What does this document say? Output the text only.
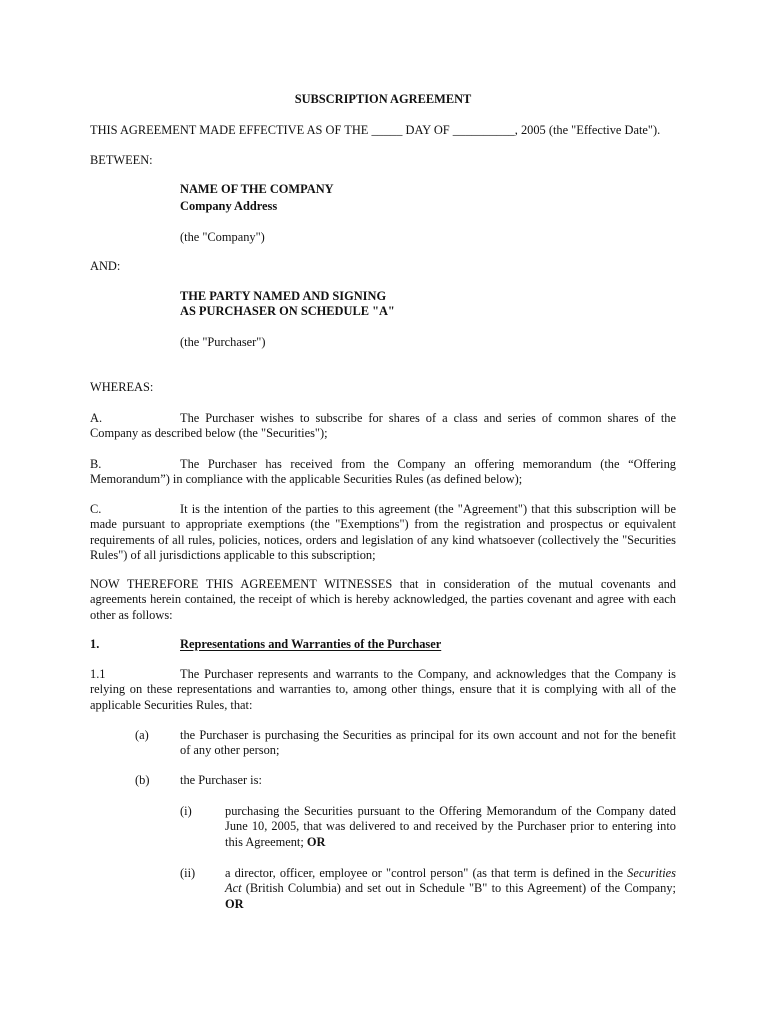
SUBSCRIPTION AGREEMENT
THIS AGREEMENT MADE EFFECTIVE AS OF THE _____ DAY OF __________, 2005 (the "Effective Date").
BETWEEN:
NAME OF THE COMPANY
Company Address
(the "Company")
AND:
THE PARTY NAMED AND SIGNING
AS PURCHASER ON SCHEDULE "A"
(the "Purchaser")
WHEREAS:
A.	The Purchaser wishes to subscribe for shares of a class and series of common shares of the
Company as described below (the "Securities");
B.	The Purchaser has received from the Company an offering memorandum (the “Offering
Memorandum”) in compliance with the applicable Securities Rules (as defined below);
C.	It is the intention of the parties to this agreement (the "Agreement") that this subscription will be
made pursuant to appropriate exemptions (the "Exemptions") from the registration and prospectus or equivalent
requirements of all rules, policies, notices, orders and legislation of any kind whatsoever (collectively the "Securities
Rules") of all jurisdictions applicable to this subscription;
NOW THEREFORE THIS AGREEMENT WITNESSES that in consideration of the mutual covenants and
agreements herein contained, the receipt of which is hereby acknowledged, the parties covenant and agree with each
other as follows:
1.	Representations and Warranties of the Purchaser
1.1	The Purchaser represents and warrants to the Company, and acknowledges that the Company is
relying on these representations and warranties to, among other things, ensure that it is complying with all of the
applicable Securities Rules, that:
(a)	the Purchaser is purchasing the Securities as principal for its own account and not for the benefit
of any other person;
(b) the Purchaser is:
(i)	purchasing the Securities pursuant to the Offering Memorandum of the Company dated
June 10, 2005, that was delivered to and received by the Purchaser prior to entering into
this Agreement; OR
(ii) a director, officer, employee or "control person" (as that term is defined in the Securities
Act (British Columbia) and set out in Schedule "B" to this Agreement) of the Company;
OR
